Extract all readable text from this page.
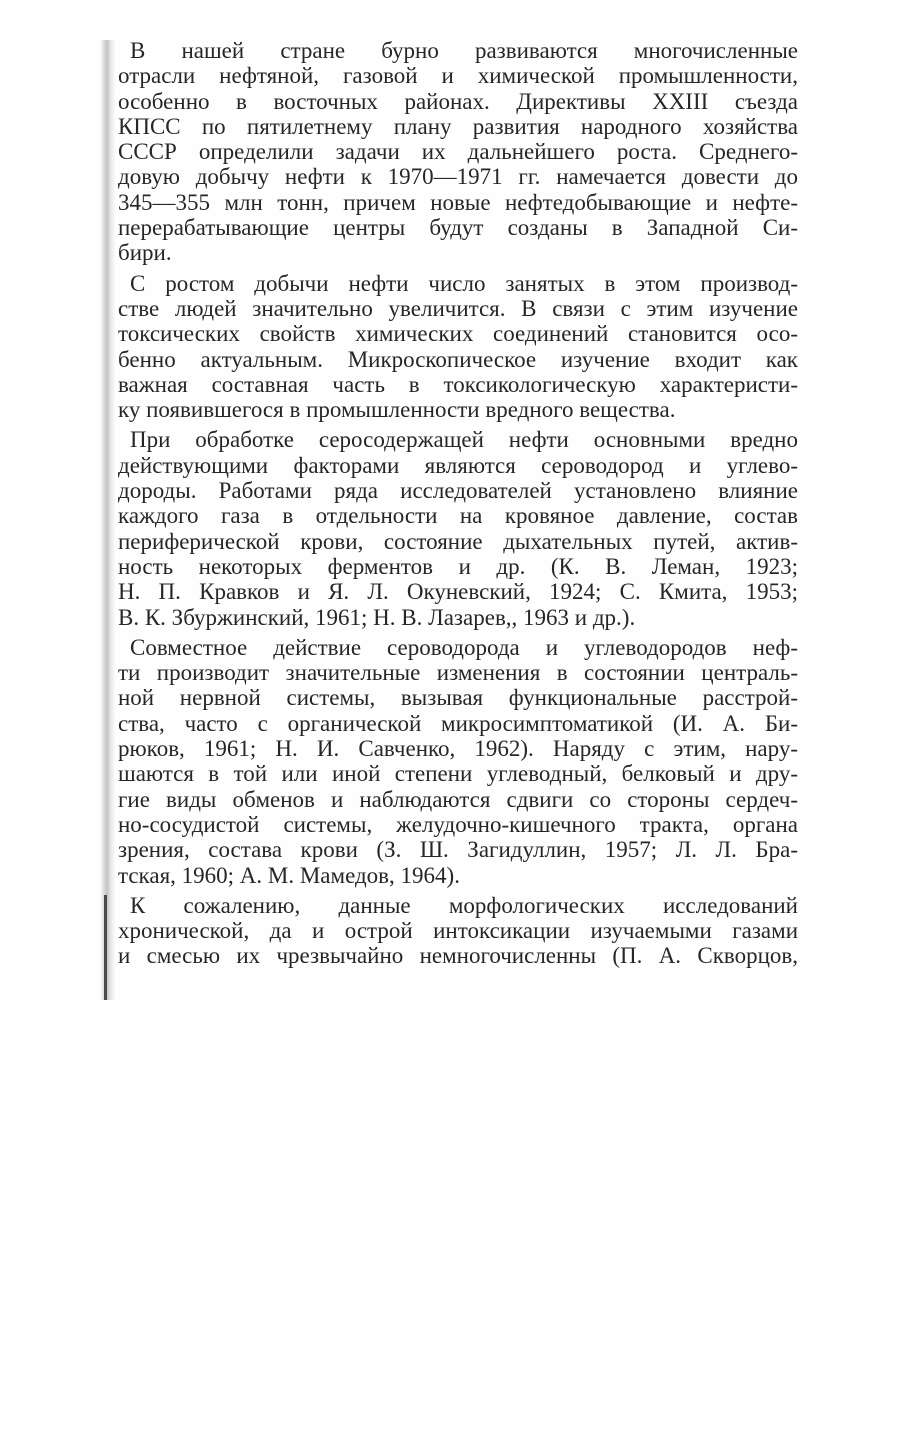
В нашей стране бурно развиваются многочисленные
отрасли нефтяной, газовой и химической промышленности,
особенно в восточных районах. Директивы XXIII съезда
КПСС по пятилетнему плану развития народного хозяйства
СССР определили задачи их дальнейшего роста. Среднего-
довую добычу нефти к 1970—1971 гг. намечается довести до
345—355 млн тонн, причем новые нефтедобывающие и нефте-
перерабатывающие центры будут созданы в Западной Си-
бири.
С ростом добычи нефти число занятых в этом производ-
стве людей значительно увеличится. В связи с этим изучение
токсических свойств химических соединений становится осо-
бенно актуальным. Микроскопическое изучение входит как
важная составная часть в токсикологическую характеристи-
ку появившегося в промышленности вредного вещества.
При обработке серосодержащей нефти основными вредно
действующими факторами являются сероводород и углево-
дороды. Работами ряда исследователей установлено влияние
каждого газа в отдельности на кровяное давление, состав
периферической крови, состояние дыхательных путей, актив-
ность некоторых ферментов и др. (К. В. Леман, 1923;
Н. П. Кравков и Я. Л. Окуневский, 1924; С. Кмита, 1953;
В. К. Збуржинский, 1961; Н. В. Лазарев,, 1963 и др.).
Совместное действие сероводорода и углеводородов неф-
ти производит значительные изменения в состоянии централь-
ной нервной системы, вызывая функциональные расстрой-
ства, часто с органической микросимптоматикой (И. А. Би-
рюков, 1961; Н. И. Савченко, 1962). Наряду с этим, нару-
шаются в той или иной степени углеводный, белковый и дру-
гие виды обменов и наблюдаются сдвиги со стороны сердеч-
но-сосудистой системы, желудочно-кишечного тракта, органа
зрения, состава крови (З. Ш. Загидуллин, 1957; Л. Л. Бра-
тская, 1960; А. М. Мамедов, 1964).
К сожалению, данные морфологических исследований
хронической, да и острой интоксикации изучаемыми газами
и смесью их чрезвычайно немногочисленны (П. А. Скворцов,
